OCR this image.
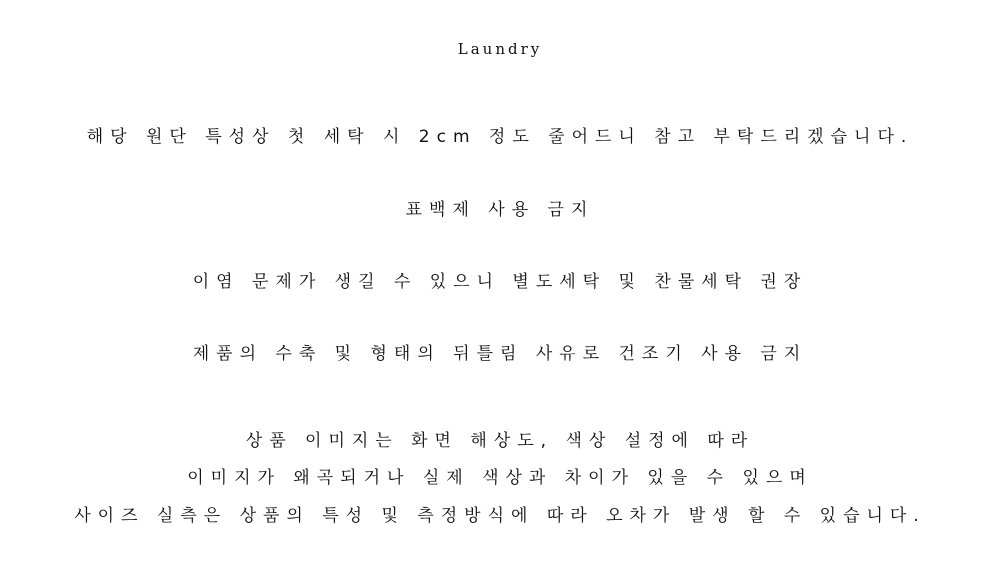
Laundry
해당 원단 특성상 첫 세탁 시 2cm 정도 줄어드니 참고 부탁드리겠습니다.
표백제 사용 금지
이염 문제가 생길 수 있으니 별도세탁 및 찬물세탁 권장
제품의 수축 및 형태의 뒤틀림 사유로 건조기 사용 금지
상품 이미지는 화면 해상도, 색상 설정에 따라
이미지가 왜곡되거나 실제 색상과 차이가 있을 수 있으며
사이즈 실측은 상품의 특성 및 측정방식에 따라 오차가 발생 할 수 있습니다.
